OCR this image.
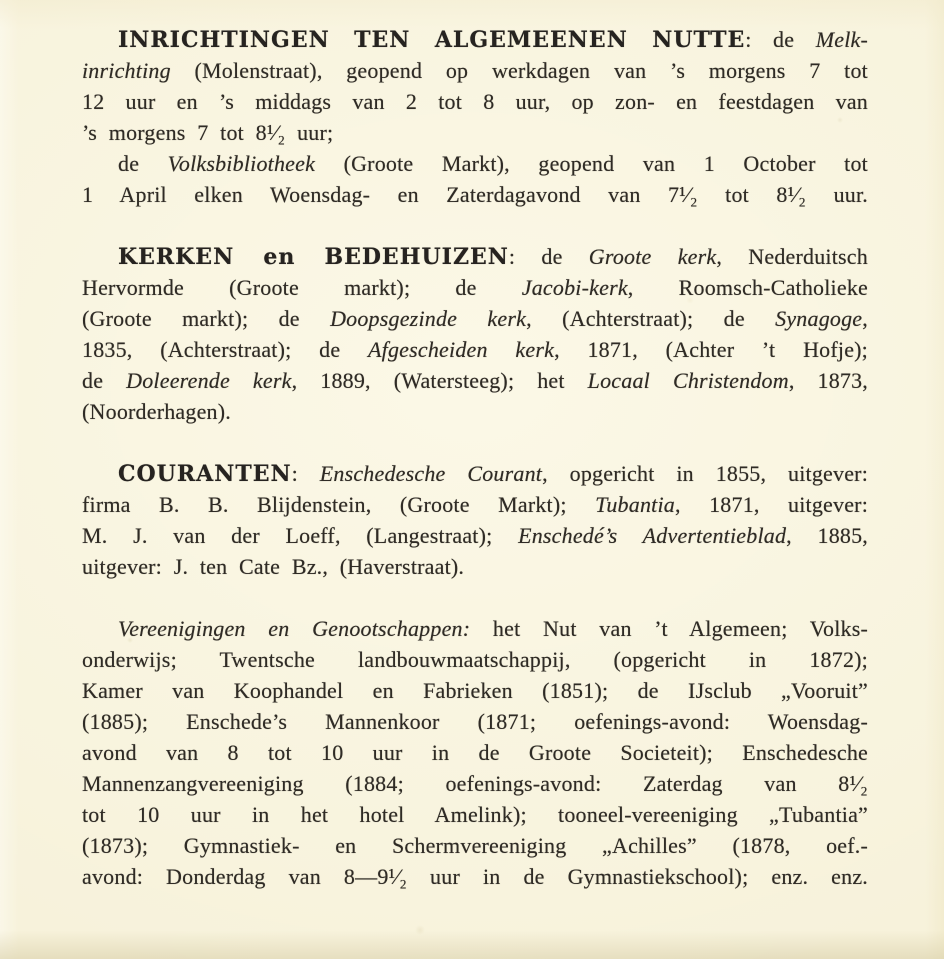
INRICHTINGEN TEN ALGEMEENEN NUTTE: de Melk-
inrichting (Molenstraat), geopend op werkdagen van ’s morgens 7 tot
12 uur en ’s middags van 2 tot 8 uur, op zon- en feestdagen van
’s morgens 7 tot 8¹⁄₂ uur;
de Volksbibliotheek (Groote Markt), geopend van 1 October tot
1 April elken Woensdag- en Zaterdagavond van 7¹⁄₂ tot 8¹⁄₂ uur.
KERKEN en BEDEHUIZEN: de Groote kerk, Nederduitsch
Hervormde (Groote markt); de Jacobi-kerk, Roomsch-Catholieke
(Groote markt); de Doopsgezinde kerk, (Achterstraat); de Synagoge,
1835, (Achterstraat); de Afgescheiden kerk, 1871, (Achter ’t Hofje);
de Doleerende kerk, 1889, (Watersteeg); het Locaal Christendom, 1873,
(Noorderhagen).
COURANTEN: Enschedesche Courant, opgericht in 1855, uitgever:
firma B. B. Blijdenstein, (Groote Markt); Tubantia, 1871, uitgever:
M. J. van der Loeff, (Langestraat); Enschedé’s Advertentieblad, 1885,
uitgever: J. ten Cate Bz., (Haverstraat).
Vereenigingen en Genootschappen: het Nut van ’t Algemeen; Volks-
onderwijs; Twentsche landbouwmaatschappij, (opgericht in 1872);
Kamer van Koophandel en Fabrieken (1851); de IJsclub „Vooruit”
(1885); Enschede’s Mannenkoor (1871; oefenings-avond: Woensdag-
avond van 8 tot 10 uur in de Groote Societeit); Enschedesche
Mannenzangvereeniging (1884; oefenings-avond: Zaterdag van 8¹⁄₂
tot 10 uur in het hotel Amelink); tooneel-vereeniging „Tubantia”
(1873); Gymnastiek- en Schermvereeniging „Achilles” (1878, oef.-
avond: Donderdag van 8—9¹⁄₂ uur in de Gymnastiekschool); enz. enz.
